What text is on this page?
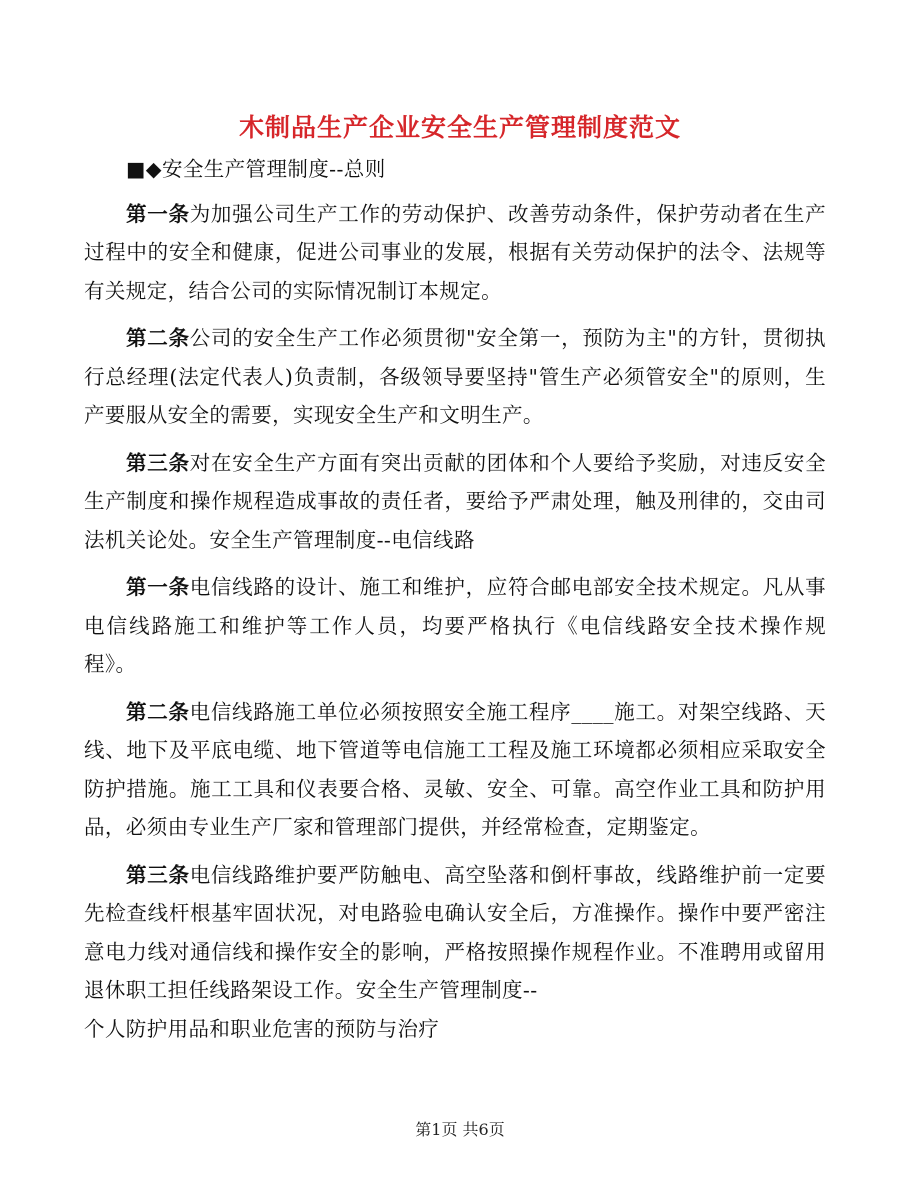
木制品生产企业安全生产管理制度范文

■◆安全生产管理制度--总则

第一条为加强公司生产工作的劳动保护、改善劳动条件，保护劳动者在生产过程中的安全和健康，促进公司事业的发展，根据有关劳动保护的法令、法规等有关规定，结合公司的实际情况制订本规定。

第二条公司的安全生产工作必须贯彻"安全第一，预防为主"的方针，贯彻执行总经理(法定代表人)负责制，各级领导要坚持"管生产必须管安全"的原则，生产要服从安全的需要，实现安全生产和文明生产。

第三条对在安全生产方面有突出贡献的团体和个人要给予奖励，对违反安全生产制度和操作规程造成事故的责任者，要给予严肃处理，触及刑律的，交由司法机关论处。安全生产管理制度--电信线路

第一条电信线路的设计、施工和维护，应符合邮电部安全技术规定。凡从事电信线路施工和维护等工作人员，均要严格执行《电信线路安全技术操作规程》。

第二条电信线路施工单位必须按照安全施工程序____施工。对架空线路、天线、地下及平底电缆、地下管道等电信施工工程及施工环境都必须相应采取安全防护措施。施工工具和仪表要合格、灵敏、安全、可靠。高空作业工具和防护用品，必须由专业生产厂家和管理部门提供，并经常检查，定期鉴定。

第三条电信线路维护要严防触电、高空坠落和倒杆事故，线路维护前一定要先检查线杆根基牢固状况，对电路验电确认安全后，方准操作。操作中要严密注意电力线对通信线和操作安全的影响，严格按照操作规程作业。不准聘用或留用退休职工担任线路架设工作。安全生产管理制度--

个人防护用品和职业危害的预防与治疗

第1页 共6页
